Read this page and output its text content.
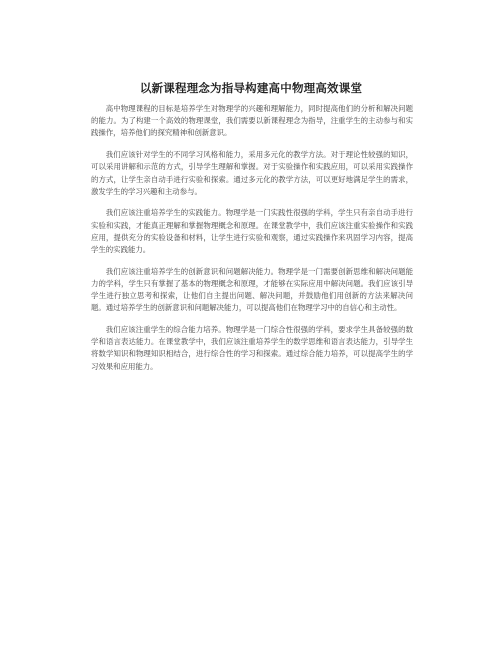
以新课程理念为指导构建高中物理高效课堂

高中物理课程的目标是培养学生对物理学的兴趣和理解能力，同时提高他们的分析和解决问题的能力。为了构建一个高效的物理课堂，我们需要以新课程理念为指导，注重学生的主动参与和实践操作，培养他们的探究精神和创新意识。

我们应该针对学生的不同学习风格和能力，采用多元化的教学方法。对于理论性较强的知识，可以采用讲解和示范的方式，引导学生理解和掌握。对于实验操作和实践应用，可以采用实践操作的方式，让学生亲自动手进行实验和探索。通过多元化的教学方法，可以更好地满足学生的需求，激发学生的学习兴趣和主动参与。

我们应该注重培养学生的实践能力。物理学是一门实践性很强的学科，学生只有亲自动手进行实验和实践，才能真正理解和掌握物理概念和原理。在课堂教学中，我们应该注重实验操作和实践应用，提供充分的实验设备和材料，让学生进行实验和观察，通过实践操作来巩固学习内容，提高学生的实践能力。

我们应该注重培养学生的创新意识和问题解决能力。物理学是一门需要创新思维和解决问题能力的学科，学生只有掌握了基本的物理概念和原理，才能够在实际应用中解决问题。我们应该引导学生进行独立思考和探索，让他们自主提出问题、解决问题，并鼓励他们用创新的方法来解决问题。通过培养学生的创新意识和问题解决能力，可以提高他们在物理学习中的自信心和主动性。

我们应该注重学生的综合能力培养。物理学是一门综合性很强的学科，要求学生具备较强的数学和语言表达能力。在课堂教学中，我们应该注重培养学生的数学思维和语言表达能力，引导学生将数学知识和物理知识相结合，进行综合性的学习和探索。通过综合能力培养，可以提高学生的学习效果和应用能力。
